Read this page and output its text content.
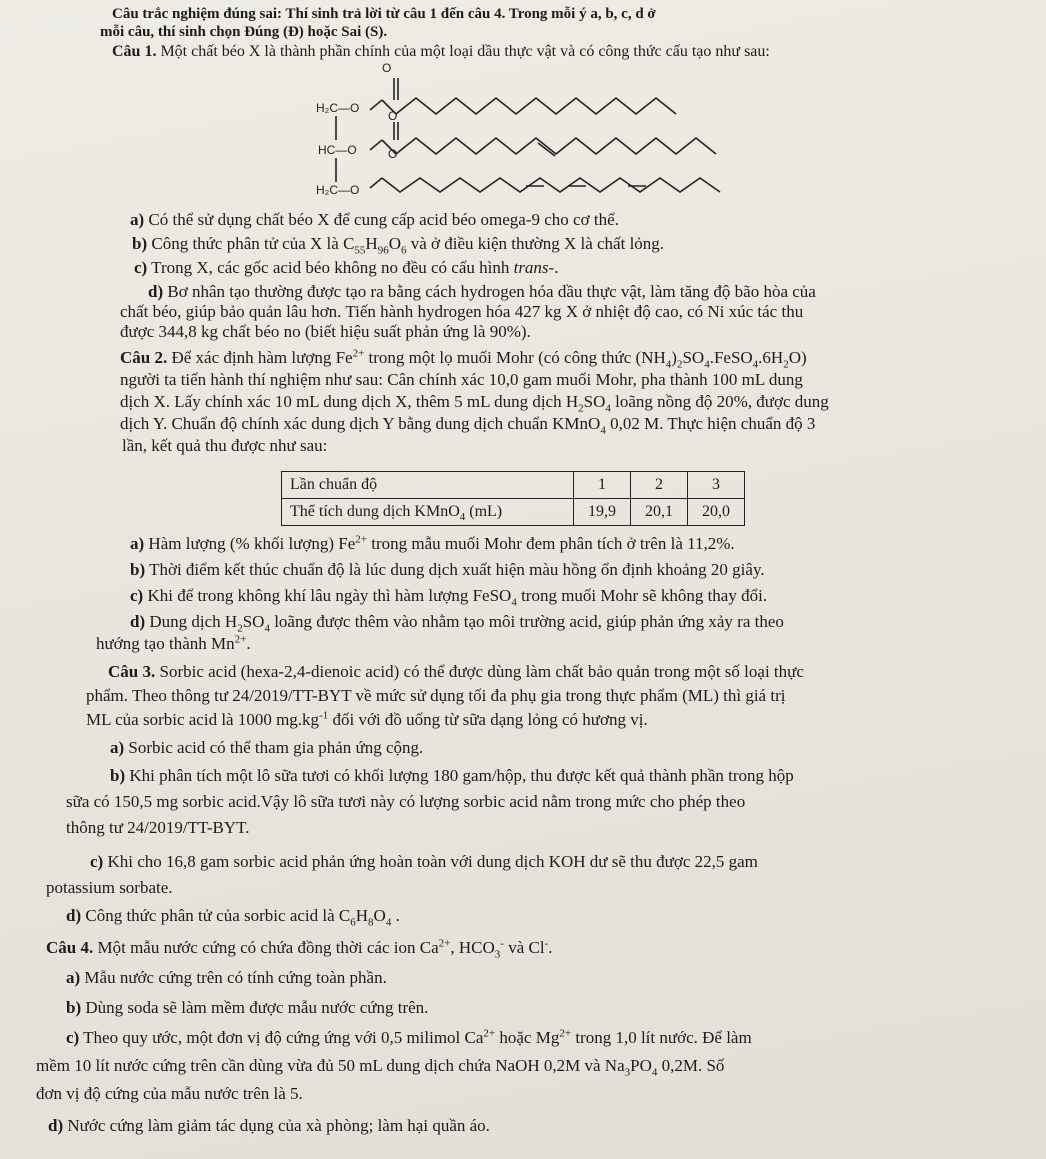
Câu trắc nghiệm đúng sai: Thí sinh trả lời từ câu 1 đến câu 4. Trong mỗi ý a, b, c, d ở
mỗi câu, thí sinh chọn Đúng (Đ) hoặc Sai (S).
Câu 1. Một chất béo X là thành phần chính của một loại dầu thực vật và có công thức cấu tạo như sau:
O
H₂C—O
O
HC—O	O
H₂C—O
a) Có thể sử dụng chất béo X để cung cấp acid béo omega-9 cho cơ thể.
b) Công thức phân tử của X là $C_{55}H_{96}O_6$ và ở điều kiện thường X là chất lỏng.
c) Trong X, các gốc acid béo không no đều có cấu hình trans-.
d) Bơ nhân tạo thường được tạo ra bằng cách hydrogen hóa dầu thực vật, làm tăng độ bão hòa của
chất béo, giúp bảo quản lâu hơn. Tiến hành hydrogen hóa 427 kg X ở nhiệt độ cao, có Ni xúc tác thu
được 344,8 kg chất béo no (biết hiệu suất phản ứng là 90%).
Câu 2. Để xác định hàm lượng $Fe^{2+}$ trong một lọ muối Mohr (có công thức $(NH_4)_2SO_4.FeSO_4.6H_2O$)
người ta tiến hành thí nghiệm như sau: Cân chính xác 10,0 gam muối Mohr, pha thành 100 mL dung
dịch X. Lấy chính xác 10 mL dung dịch X, thêm 5 mL dung dịch $H_2SO_4$ loãng nồng độ 20%, được dung
dịch Y. Chuẩn độ chính xác dung dịch Y bằng dung dịch chuẩn KMnO$_4$ 0,02 M. Thực hiện chuẩn độ 3
lần, kết quả thu được như sau:
Lần chuẩn độ	1	2	3
Thể tích dung dịch KMnO$_4$ (mL)	19,9	20,1	20,0
a) Hàm lượng (% khối lượng) $Fe^{2+}$ trong mẫu muối Mohr đem phân tích ở trên là 11,2%.
b) Thời điểm kết thúc chuẩn độ là lúc dung dịch xuất hiện màu hồng ổn định khoảng 20 giây.
c) Khi để trong không khí lâu ngày thì hàm lượng FeSO$_4$ trong muối Mohr sẽ không thay đổi.
d) Dung dịch $H_2SO_4$ loãng được thêm vào nhằm tạo môi trường acid, giúp phản ứng xảy ra theo
hướng tạo thành $Mn^{2+}$.
Câu 3. Sorbic acid (hexa-2,4-dienoic acid) có thể được dùng làm chất bảo quản trong một số loại thực
phẩm. Theo thông tư 24/2019/TT-BYT về mức sử dụng tối đa phụ gia trong thực phẩm (ML) thì giá trị
ML của sorbic acid là 1000 $mg.kg^{-1}$ đối với đồ uống từ sữa dạng lỏng có hương vị.
a) Sorbic acid có thể tham gia phản ứng cộng.
b) Khi phân tích một lô sữa tươi có khối lượng 180 gam/hộp, thu được kết quả thành phần trong hộp
sữa có 150,5 mg sorbic acid.Vậy lô sữa tươi này có lượng sorbic acid nằm trong mức cho phép theo
thông tư 24/2019/TT-BYT.
c) Khi cho 16,8 gam sorbic acid phản ứng hoàn toàn với dung dịch KOH dư sẽ thu được 22,5 gam
potassium sorbate.
d) Công thức phân tử của sorbic acid là $C_6H_8O_4$ .
Câu 4. Một mẫu nước cứng có chứa đồng thời các ion $Ca^{2+}$, $HCO_3^-$ và Cl-.
a) Mẫu nước cứng trên có tính cứng toàn phần.
b) Dùng soda sẽ làm mềm được mẫu nước cứng trên.
c) Theo quy ước, một đơn vị độ cứng ứng với 0,5 milimol $Ca^{2+}$ hoặc $Mg^{2+}$ trong 1,0 lít nước. Để làm
mềm 10 lít nước cứng trên cần dùng vừa đủ 50 mL dung dịch chứa NaOH 0,2M và $Na_3PO_4$ 0,2M. Số
đơn vị độ cứng của mẫu nước trên là 5.
d) Nước cứng làm giảm tác dụng của xà phòng; làm hại quần áo.
